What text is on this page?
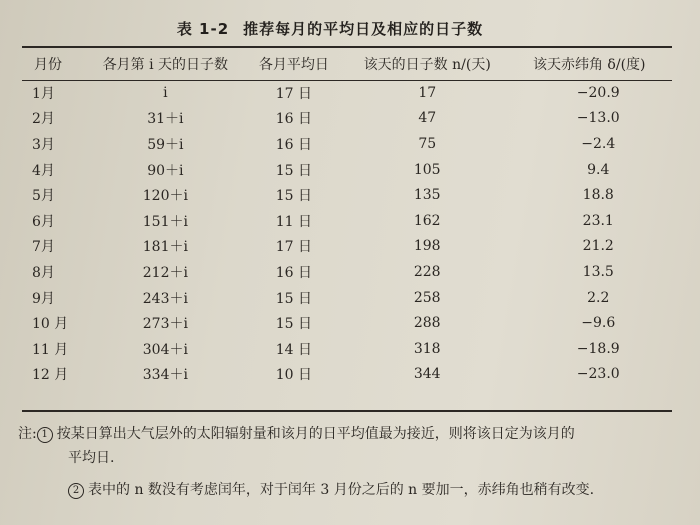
表 1-2 推荐每月的平均日及相应的日子数
月份	各月第 i 天的日子数	各月平均日	该天的日子数 n/(天)	该天赤纬角 δ/(度)
1月	i	17 日	17	−20.9
2月	31＋i	16 日	47	−13.0
3月	59＋i	16 日	75	−2.4
4月	90＋i	15 日	105	9.4
5月	120＋i	15 日	135	18.8
6月	151＋i	11 日	162	23.1
7月	181＋i	17 日	198	21.2
8月	212＋i	16 日	228	13.5
9月	243＋i	15 日	258	2.2
10 月	273＋i	15 日	288	−9.6
11 月	304＋i	14 日	318	−18.9
12 月	334＋i	10 日	344	−23.0
注: 1 按某日算出大气层外的太阳辐射量和该月的日平均值最为接近，则将该日定为该月的
平均日.
2 表中的 n 数没有考虑闰年，对于闰年 3 月份之后的 n 要加一，赤纬角也稍有改变.
